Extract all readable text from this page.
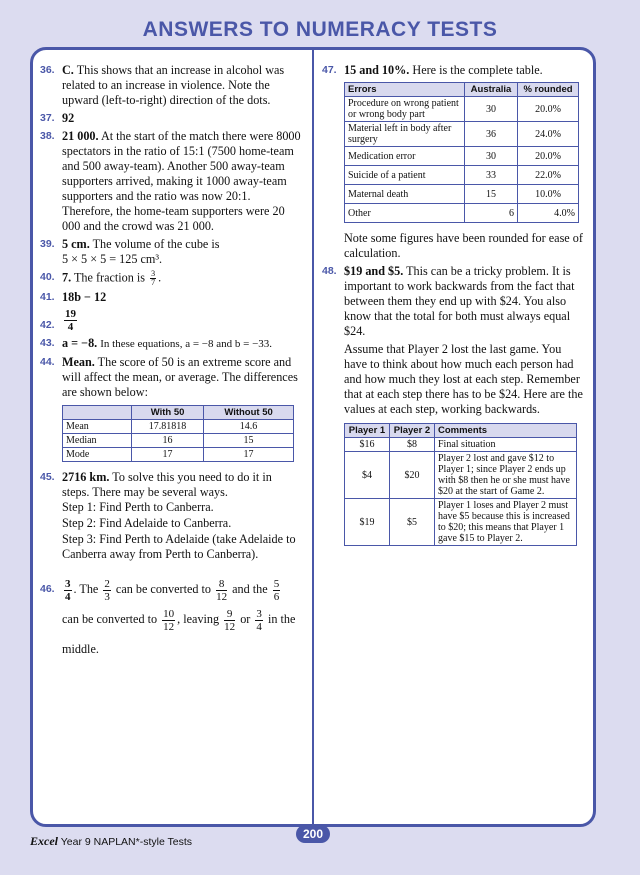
ANSWERS TO NUMERACY TESTS
36. C. This shows that an increase in alcohol was related to an increase in violence. Note the upward (left-to-right) direction of the dots.
37. 92
38. 21 000. At the start of the match there were 8000 spectators in the ratio of 15:1 (7500 home-team and 500 away-team). Another 500 away-team supporters arrived, making it 1000 away-team supporters and the ratio was now 20:1. Therefore, the home-team supporters were 20 000 and the crowd was 21 000.
39. 5 cm. The volume of the cube is
5 × 5 × 5 = 125 cm³.
40. 7. The fraction is $\frac{3}{7}$ .
41. 18b − 12
42. $\frac{19}{4}$
43. a = −8. In these equations, a = −8 and b = −33.
44. Mean. The score of 50 is an extreme score and will affect the mean, or average. The differences are shown below:
	With 50	Without 50
Mean	17.81818	14.6
Median	16	15
Mode	17	17
45. 2716 km. To solve this you need to do it in steps. There may be several ways.
Step 1: Find Perth to Canberra.
Step 2: Find Adelaide to Canberra.
Step 3: Find Perth to Adelaide (take Adelaide to Canberra away from Perth to Canberra).
46. $\frac{3}{4}$ . The $\frac{2}{3}$ can be converted to $\frac{8}{12}$ and the $\frac{5}{6}$
can be converted to $\frac{10}{12}$ , leaving $\frac{9}{12}$ or $\frac{3}{4}$ in the middle.
47. 15 and 10%. Here is the complete table.
Errors	Australia	% rounded
Procedure on wrong patient or wrong body part	30	20.0%
Material left in body after surgery	36	24.0%
Medication error	30	20.0%
Suicide of a patient	33	22.0%
Maternal death	15	10.0%
Other	6	4.0%
Note some figures have been rounded for ease of calculation.
48. $19 and $5. This can be a tricky problem. It is important to work backwards from the fact that between them they end up with $24. You also know that the total for both must always equal $24.
Assume that Player 2 lost the last game. You have to think about how much each person had and how much they lost at each step. Remember that at each step there has to be $24. Here are the values at each step, working backwards.
Player 1	Player 2	Comments
$16	$8	Final situation
$4	$20	Player 2 lost and gave $12 to Player 1; since Player 2 ends up with $8 then he or she must have $20 at the start of Game 2.
$19	$5	Player 1 loses and Player 2 must have $5 because this is increased to $20; this means that Player 1 gave $15 to Player 2.
Excel Year 9 NAPLAN*-style Tests
200
